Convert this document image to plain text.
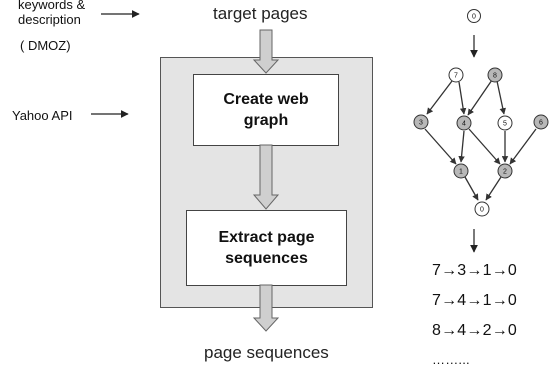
keywords &
description
( DMOZ)
Yahoo API
target pages
page sequences
Create web
graph
Extract page
sequences
0
7	8
3	4	5	6
1	2
0
7→3→1→0
7→4→1→0
8→4→2→0
……...
